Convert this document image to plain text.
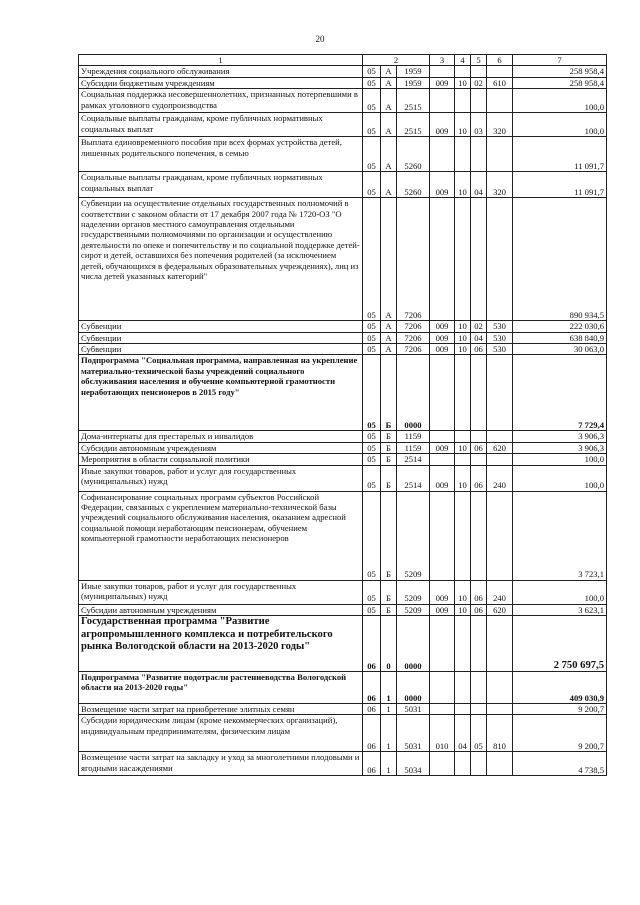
20
1	2			3	4	5	6	7
Учреждения социального обслуживания	05	А	1959					258 958,4
Субсидии бюджетным учреждениям	05	А	1959	009	10	02	610	258 958,4
Социальная поддержка несовершеннолетних, признанных потерпевшими в рамках уголовного судопроизводства	05	А	2515					100,0
Социальные выплаты гражданам, кроме публичных нормативных социальных выплат	05	А	2515	009	10	03	320	100,0
Выплата единовременного пособия при всех формах устройства детей, лишенных родительского попечения, в семью	05	А	5260					11 091,7
Социальные выплаты гражданам, кроме публичных нормативных социальных выплат	05	А	5260	009	10	04	320	11 091,7
Субвенции на осуществление отдельных государственных полномочий в соответствии с законом области от 17 декабря 2007 года № 1720-ОЗ "О наделении органов местного самоуправления отдельными государственными полномочиями по организации и осуществлению деятельности по опеке и попечительству и по социальной поддержке детей-сирот и детей, оставшихся без попечения родителей (за исключением детей, обучающихся в федеральных образовательных учреждениях), лиц из числа детей указанных категорий"	05	А	7206					890 934,5
Субвенции	05	А	7206	009	10	02	530	222 030,6
Субвенции	05	А	7206	009	10	04	530	638 840,9
Субвенции	05	А	7206	009	10	06	530	30 063,0
Подпрограмма "Социальная программа, направленная на укрепление материально-технической базы учреждений социального обслуживания населения и обучение компьютерной грамотности неработающих пенсионеров в 2015 году"	05	Б	0000					7 729,4
Дома-интернаты для престарелых и инвалидов	05	Б	1159					3 906,3
Субсидии автономным учреждениям	05	Б	1159	009	10	06	620	3 906,3
Мероприятия в области социальной политики	05	Б	2514					100,0
Иные закупки товаров, работ и услуг для государственных (муниципальных) нужд	05	Б	2514	009	10	06	240	100,0
Софинансирование социальных программ субъектов Российской Федерации, связанных с укреплением материально-технической базы учреждений социального обслуживания населения, оказанием адресной социальной помощи неработающим пенсионерам, обучением компьютерной грамотности неработающих пенсионеров	05	Б	5209					3 723,1
Иные закупки товаров, работ и услуг для государственных (муниципальных) нужд	05	Б	5209	009	10	06	240	100,0
Субсидии автономным учреждениям	05	Б	5209	009	10	06	620	3 623,1
Государственная программа "Развитие агропромышленного комплекса и потребительского рынка Вологодской области на 2013-2020 годы"	06	0	0000					2 750 697,5
Подпрограмма "Развитие подотрасли растениеводства Вологодской области на 2013-2020 годы"	06	1	0000					409 030,9
Возмещение части затрат на приобретение элитных семян	06	1	5031					9 200,7
Субсидии юридическим лицам (кроме некоммерческих организаций), индивидуальным предпринимателям, физическим лицам	06	1	5031	010	04	05	810	9 200,7
Возмещение части затрат на закладку и уход за многолетними плодовыми и ягодными насаждениями	06	1	5034					4 738,5
